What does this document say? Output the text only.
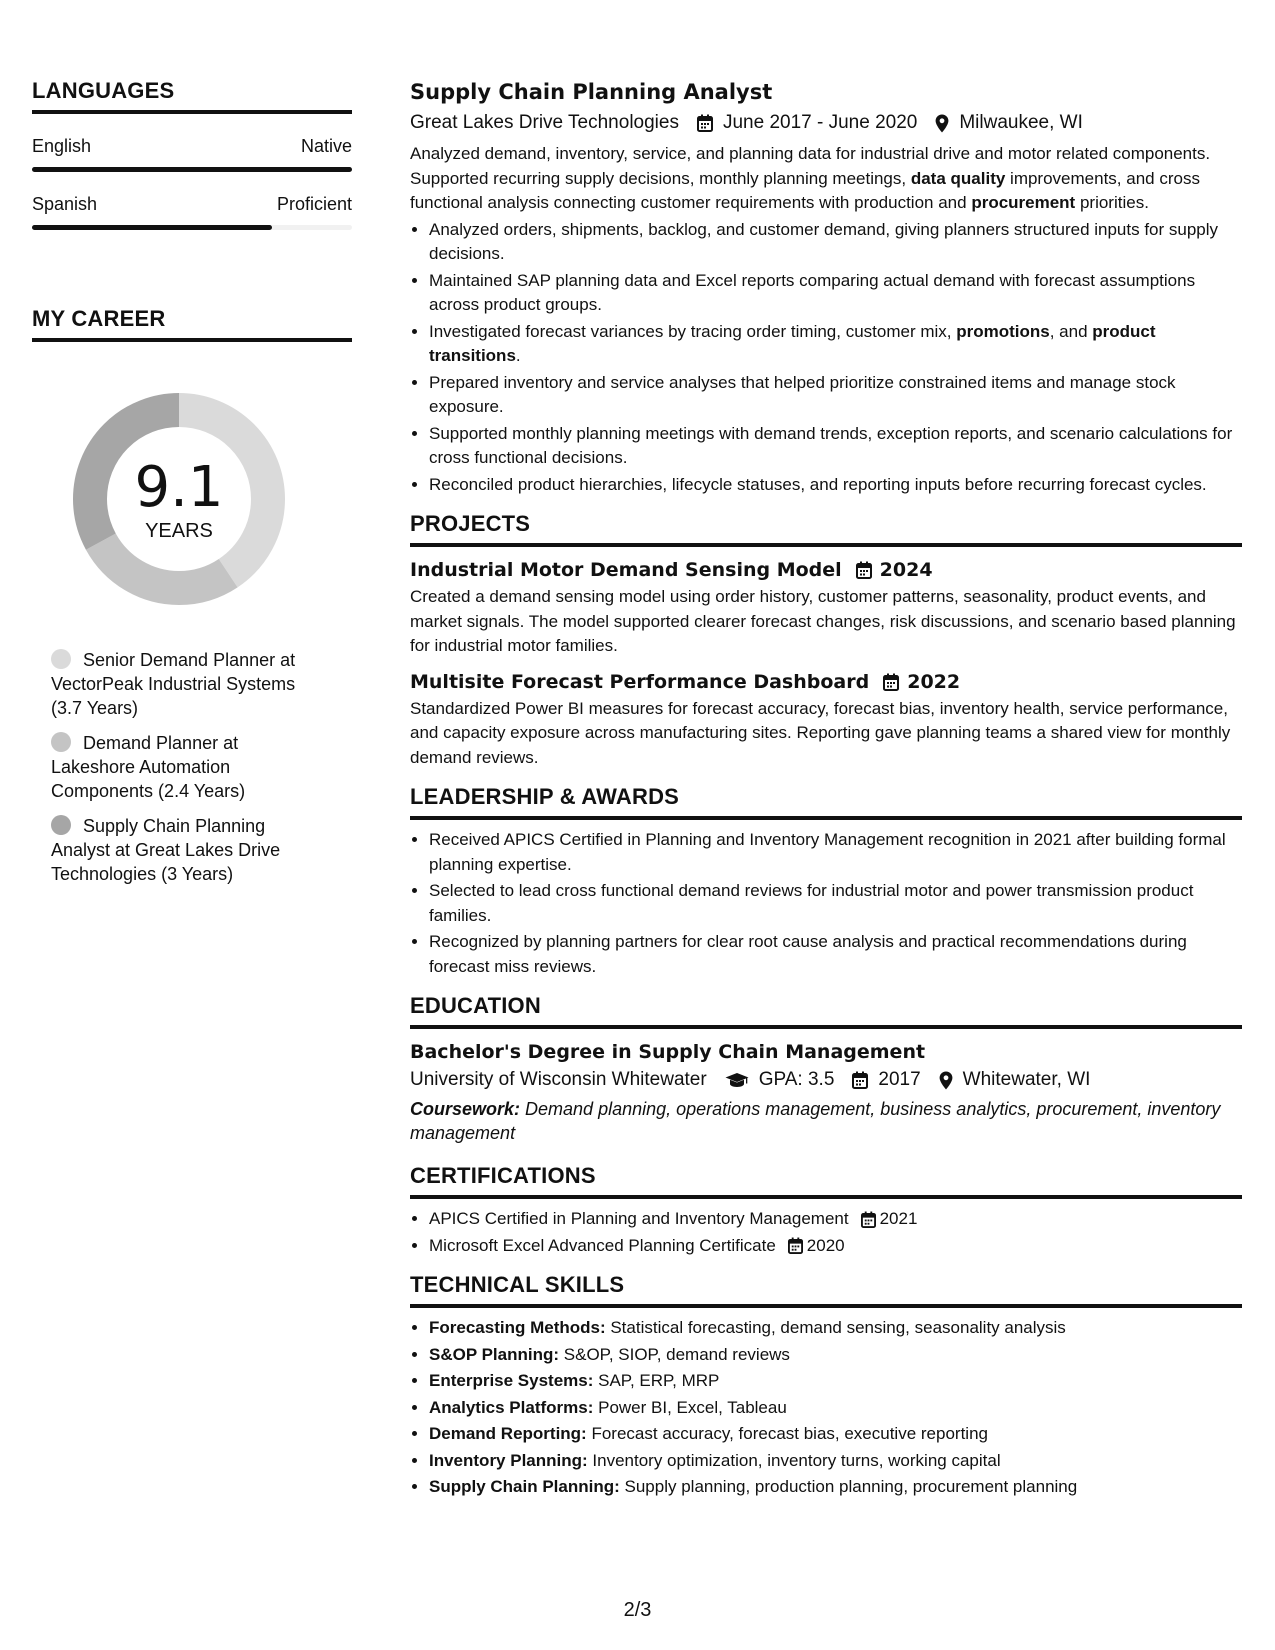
LANGUAGES
English	Native
Spanish	Proficient
MY CAREER
9.1
YEARS
Senior Demand Planner at VectorPeak Industrial Systems (3.7 Years)
Demand Planner at Lakeshore Automation Components (2.4 Years)
Supply Chain Planning Analyst at Great Lakes Drive Technologies (3 Years)
Supply Chain Planning Analyst
Great Lakes Drive Technologies June 2017 - June 2020 Milwaukee, WI
Analyzed demand, inventory, service, and planning data for industrial drive and motor related components. Supported recurring supply decisions, monthly planning meetings, data quality improvements, and cross functional analysis connecting customer requirements with production and procurement priorities.
• Analyzed orders, shipments, backlog, and customer demand, giving planners structured inputs for supply decisions.
• Maintained SAP planning data and Excel reports comparing actual demand with forecast assumptions across product groups.
• Investigated forecast variances by tracing order timing, customer mix, promotions, and product transitions.
• Prepared inventory and service analyses that helped prioritize constrained items and manage stock exposure.
• Supported monthly planning meetings with demand trends, exception reports, and scenario calculations for cross functional decisions.
• Reconciled product hierarchies, lifecycle statuses, and reporting inputs before recurring forecast cycles.
PROJECTS
Industrial Motor Demand Sensing Model 2024
Created a demand sensing model using order history, customer patterns, seasonality, product events, and market signals. The model supported clearer forecast changes, risk discussions, and scenario based planning for industrial motor families.
Multisite Forecast Performance Dashboard 2022
Standardized Power BI measures for forecast accuracy, forecast bias, inventory health, service performance, and capacity exposure across manufacturing sites. Reporting gave planning teams a shared view for monthly demand reviews.
LEADERSHIP & AWARDS
• Received APICS Certified in Planning and Inventory Management recognition in 2021 after building formal planning expertise.
• Selected to lead cross functional demand reviews for industrial motor and power transmission product families.
• Recognized by planning partners for clear root cause analysis and practical recommendations during forecast miss reviews.
EDUCATION
Bachelor's Degree in Supply Chain Management
University of Wisconsin Whitewater	GPA: 3.5 2017 Whitewater, WI
Coursework: Demand planning, operations management, business analytics, procurement, inventory management
CERTIFICATIONS
• APICS Certified in Planning and Inventory Management 2021
• Microsoft Excel Advanced Planning Certificate 2020
TECHNICAL SKILLS
• Forecasting Methods: Statistical forecasting, demand sensing, seasonality analysis
• S&OP Planning: S&OP, SIOP, demand reviews
• Enterprise Systems: SAP, ERP, MRP
• Analytics Platforms: Power BI, Excel, Tableau
• Demand Reporting: Forecast accuracy, forecast bias, executive reporting
• Inventory Planning: Inventory optimization, inventory turns, working capital
• Supply Chain Planning: Supply planning, production planning, procurement planning
2/3
